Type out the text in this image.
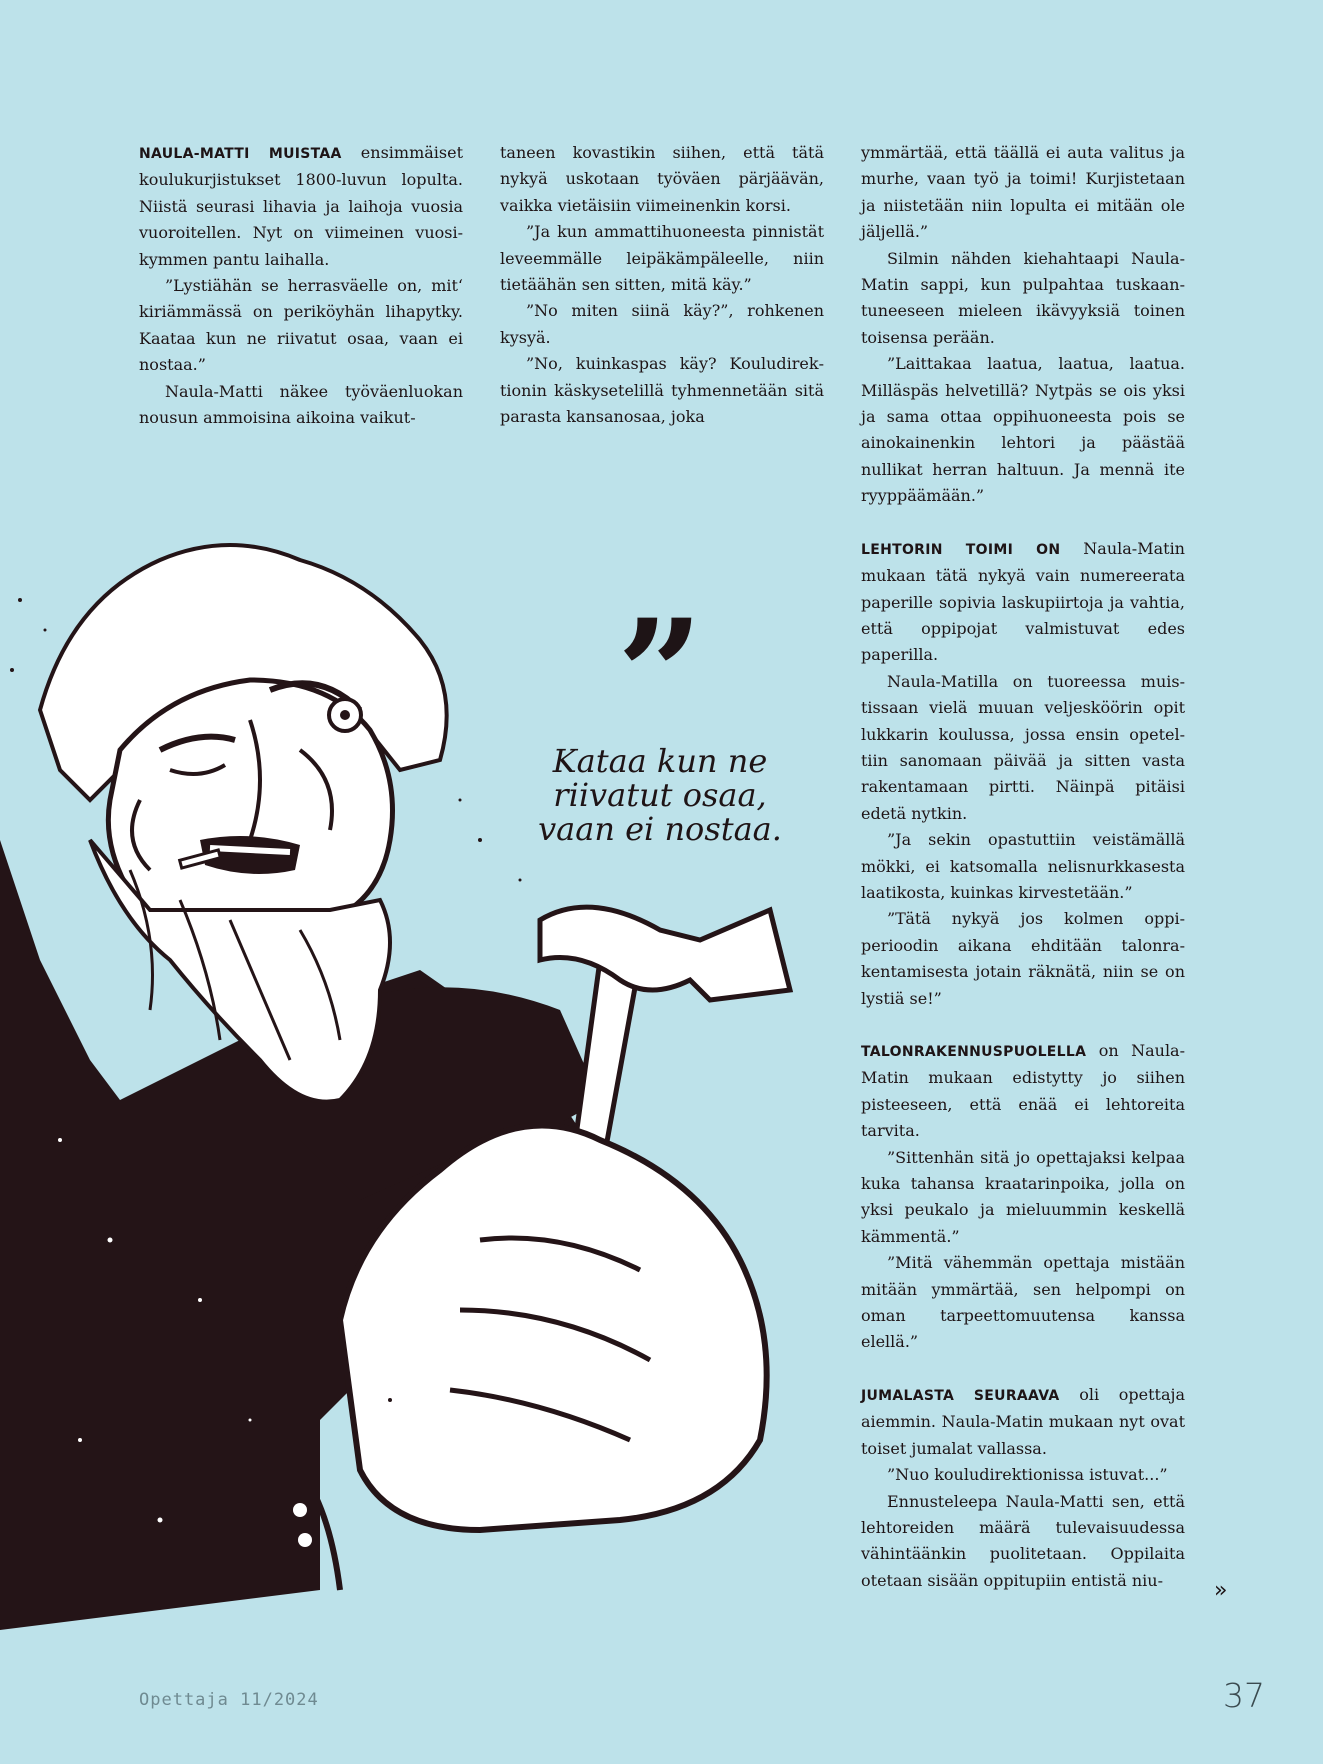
NAULA-MATTI MUISTAA ensimmäiset koulukurjistukset 1800-luvun lopulta. Niistä seurasi lihavia ja laihoja vuosia vuoroitellen. Nyt on viimeinen vuosikymmen pantu laihalla.

”Lystiähän se herrasväelle on, mit‘ kiriämmässä on periköyhän lihapytky. Kaataa kun ne riivatut osaa, vaan ei nostaa.”

Naula-Matti näkee työväenluokan nousun ammoisina aikoina vaikut-

taneen kovastikin siihen, että tätä nykyä uskotaan työväen pärjäävän, vaikka vietäisiin viimeinenkin korsi.

”Ja kun ammattihuoneesta pinnistät leveemmälle leipäkämpäleelle, niin tietäähän sen sitten, mitä käy.”

”No miten siinä käy?”, rohkenen kysyä.

”No, kuinkaspas käy? Kouludirektionin käskysetelillä tyhmennetään sitä parasta kansanosaa, joka

ymmärtää, että täällä ei auta valitus ja murhe, vaan työ ja toimi! Kurjistetaan ja niistetään niin lopulta ei mitään ole jäljellä.”

Silmin nähden kiehahtaapi Naula-Matin sappi, kun pulpahtaa tuskaantuneeseen mieleen ikävyyksiä toinen toisensa perään.

”Laittakaa laatua, laatua, laatua. Milläspäs helvetillä? Nytpäs se ois yksi ja sama ottaa oppihuoneesta pois se ainokainenkin lehtori ja päästää nullikat herran haltuun. Ja mennä ite ryyppäämään.”

LEHTORIN TOIMI ON Naula-Matin mukaan tätä nykyä vain numereerata paperille sopivia laskupiirtoja ja vahtia, että oppipojat valmistuvat edes paperilla.

Naula-Matilla on tuoreessa muistissaan vielä muuan veljesköörin opit lukkarin koulussa, jossa ensin opeteltiin sanomaan päivää ja sitten vasta rakentamaan pirtti. Näinpä pitäisi edetä nytkin.

”Ja sekin opastuttiin veistämällä mökki, ei katsomalla nelisnurkkasesta laatikosta, kuinkas kirvestetään.”

”Tätä nykyä jos kolmen oppiperioodin aikana ehditään talonrakentamisesta jotain räknätä, niin se on lystiä se!”

TALONRAKENNUSPUOLELLA on Naula-Matin mukaan edistytty jo siihen pisteeseen, että enää ei lehtoreita tarvita.

”Sittenhän sitä jo opettajaksi kelpaa kuka tahansa kraatarinpoika, jolla on yksi peukalo ja mieluummin keskellä kämmentä.”

”Mitä vähemmän opettaja mistään mitään ymmärtää, sen helpompi on oman tarpeettomuutensa kanssa elellä.”

JUMALASTA SEURAAVA oli opettaja aiemmin. Naula-Matin mukaan nyt ovat toiset jumalat vallassa.

”Nuo kouludirektionissa istuvat...”

Ennusteleepa Naula-Matti sen, että lehtoreiden määrä tulevaisuudessa vähintäänkin puolitetaan. Oppilaita otetaan sisään oppitupiin entistä niu-

”
Kataa kun ne riivatut osaa, vaan ei nostaa.
Opettaja 11/2024	37
»
